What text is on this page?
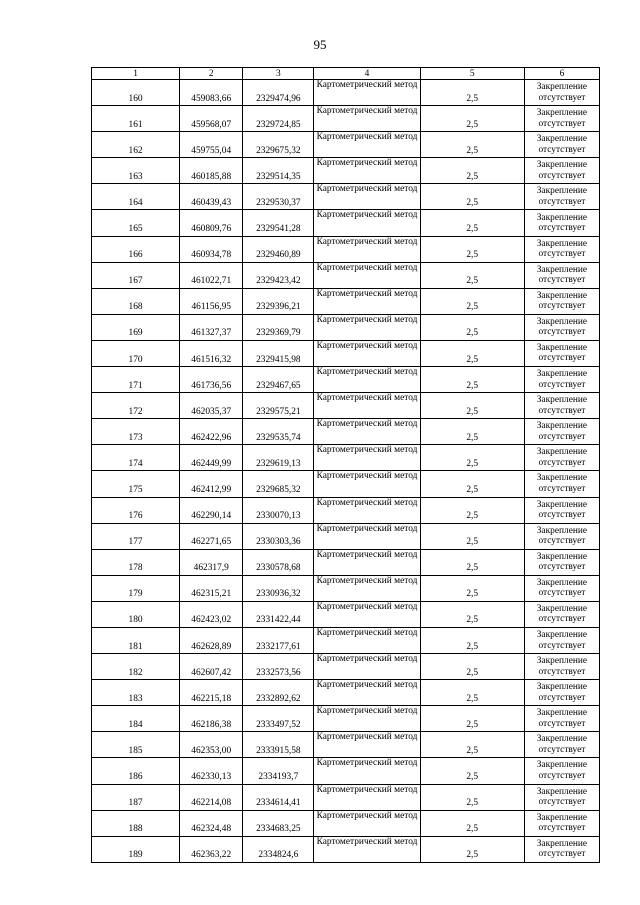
95
1	2	3	4	5	6
160	459083,66	2329474,96	Картометрический метод	2,5	Закрепление отсутствует
161	459568,07	2329724,85	Картометрический метод	2,5	Закрепление отсутствует
162	459755,04	2329675,32	Картометрический метод	2,5	Закрепление отсутствует
163	460185,88	2329514,35	Картометрический метод	2,5	Закрепление отсутствует
164	460439,43	2329530,37	Картометрический метод	2,5	Закрепление отсутствует
165	460809,76	2329541,28	Картометрический метод	2,5	Закрепление отсутствует
166	460934,78	2329460,89	Картометрический метод	2,5	Закрепление отсутствует
167	461022,71	2329423,42	Картометрический метод	2,5	Закрепление отсутствует
168	461156,95	2329396,21	Картометрический метод	2,5	Закрепление отсутствует
169	461327,37	2329369,79	Картометрический метод	2,5	Закрепление отсутствует
170	461516,32	2329415,98	Картометрический метод	2,5	Закрепление отсутствует
171	461736,56	2329467,65	Картометрический метод	2,5	Закрепление отсутствует
172	462035,37	2329575,21	Картометрический метод	2,5	Закрепление отсутствует
173	462422,96	2329535,74	Картометрический метод	2,5	Закрепление отсутствует
174	462449,99	2329619,13	Картометрический метод	2,5	Закрепление отсутствует
175	462412,99	2329685,32	Картометрический метод	2,5	Закрепление отсутствует
176	462290,14	2330070,13	Картометрический метод	2,5	Закрепление отсутствует
177	462271,65	2330303,36	Картометрический метод	2,5	Закрепление отсутствует
178	462317,9	2330578,68	Картометрический метод	2,5	Закрепление отсутствует
179	462315,21	2330936,32	Картометрический метод	2,5	Закрепление отсутствует
180	462423,02	2331422,44	Картометрический метод	2,5	Закрепление отсутствует
181	462628,89	2332177,61	Картометрический метод	2,5	Закрепление отсутствует
182	462607,42	2332573,56	Картометрический метод	2,5	Закрепление отсутствует
183	462215,18	2332892,62	Картометрический метод	2,5	Закрепление отсутствует
184	462186,38	2333497,52	Картометрический метод	2,5	Закрепление отсутствует
185	462353,00	2333915,58	Картометрический метод	2,5	Закрепление отсутствует
186	462330,13	2334193,7	Картометрический метод	2,5	Закрепление отсутствует
187	462214,08	2334614,41	Картометрический метод	2,5	Закрепление отсутствует
188	462324,48	2334683,25	Картометрический метод	2,5	Закрепление отсутствует
189	462363,22	2334824,6	Картометрический метод	2,5	Закрепление отсутствует
